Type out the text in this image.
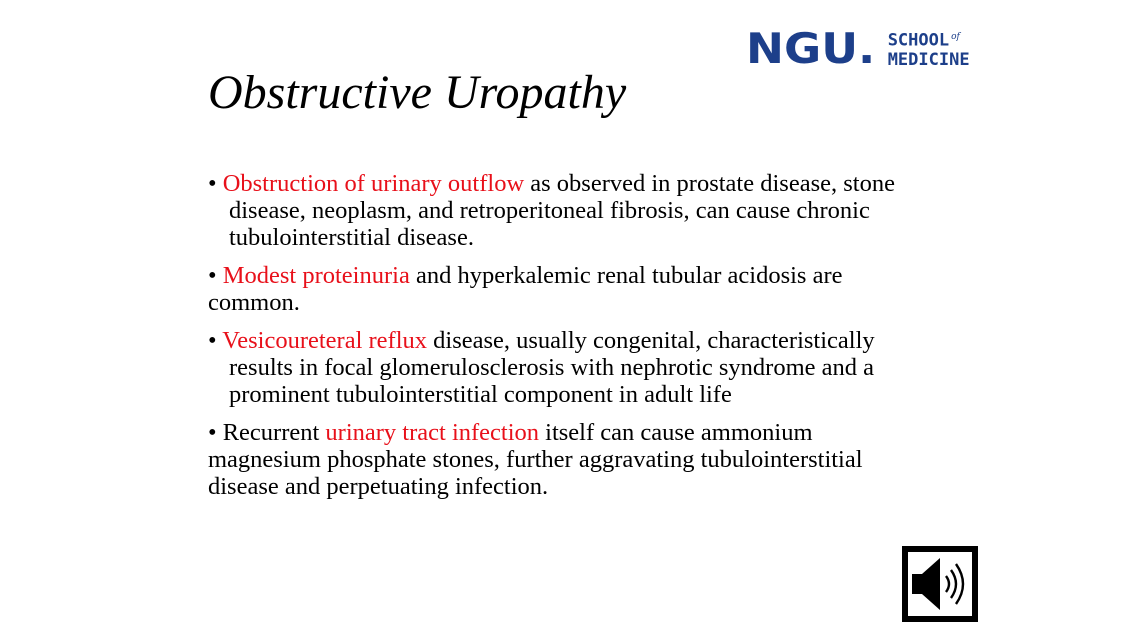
NGU. SCHOOL $^{of}$
MEDICINE
Obstructive Uropathy
• Obstruction of urinary outflow as observed in prostate disease, stone disease, neoplasm, and retroperitoneal fibrosis, can cause chronic tubulointerstitial disease.
• Modest proteinuria and hyperkalemic renal tubular acidosis are common.
• Vesicoureteral reflux disease, usually congenital, characteristically results in focal glomerulosclerosis with nephrotic syndrome and a prominent tubulointerstitial component in adult life
• Recurrent urinary tract infection itself can cause ammonium magnesium phosphate stones, further aggravating tubulointerstitial disease and perpetuating infection.
